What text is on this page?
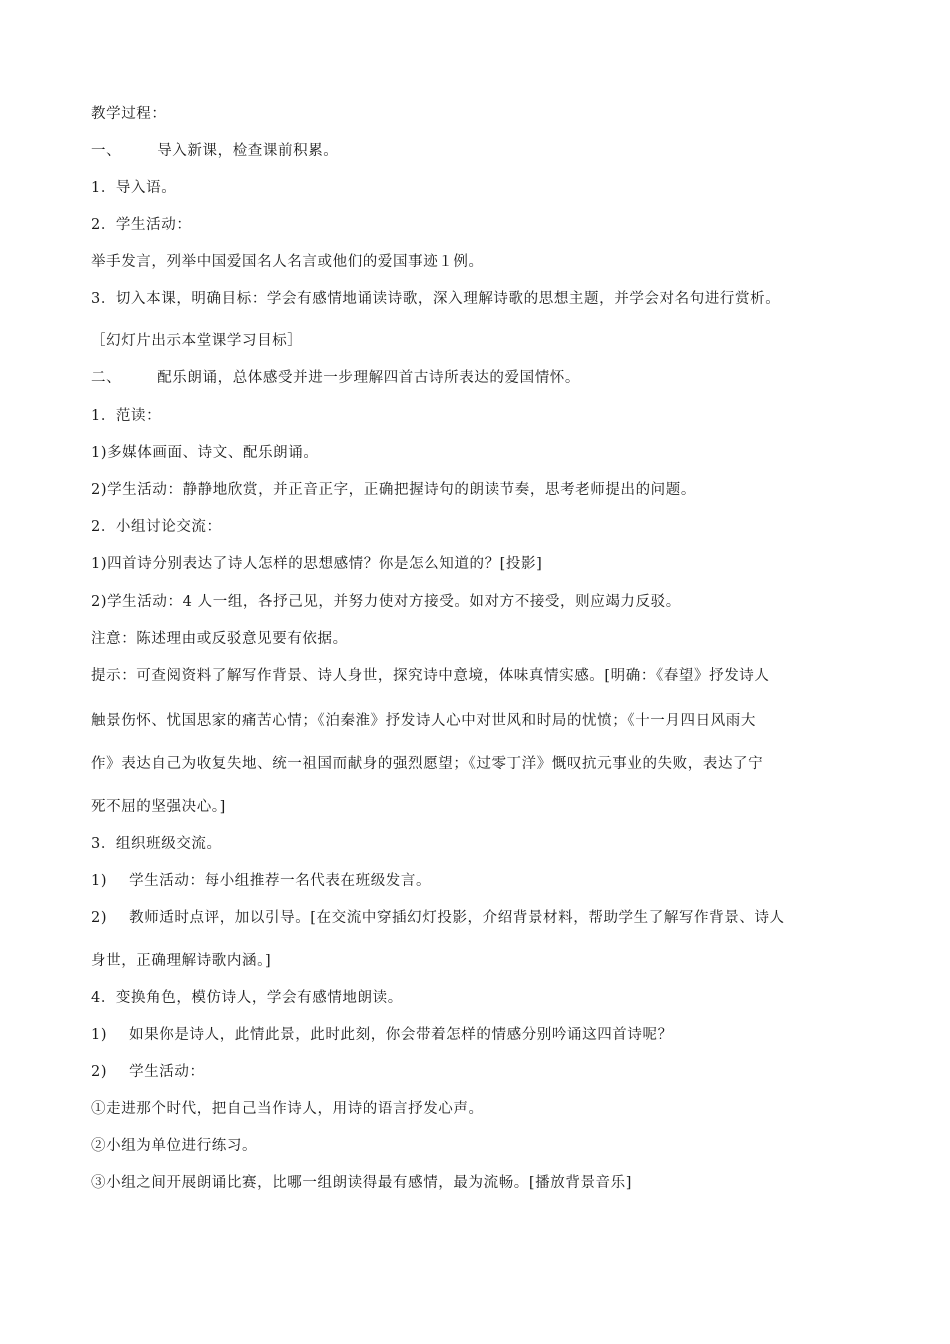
教学过程：
一、 导入新课，检查课前积累。
1．导入语。
2．学生活动：
举手发言，列举中国爱国名人名言或他们的爱国事迹１例。
3．切入本课，明确目标：学会有感情地诵读诗歌，深入理解诗歌的思想主题，并学会对名句进行赏析。
［幻灯片出示本堂课学习目标］
二、 配乐朗诵，总体感受并进一步理解四首古诗所表达的爱国情怀。
1．范读：
1)多媒体画面、诗文、配乐朗诵。
2)学生活动：静静地欣赏，并正音正字，正确把握诗句的朗读节奏，思考老师提出的问题。
2．小组讨论交流：
1)四首诗分别表达了诗人怎样的思想感情？你是怎么知道的？[投影]
2)学生活动：4 人一组，各抒己见，并努力使对方接受。如对方不接受，则应竭力反驳。
注意：陈述理由或反驳意见要有依据。
提示：可查阅资料了解写作背景、诗人身世，探究诗中意境，体味真情实感。[明确：《春望》抒发诗人
触景伤怀、忧国思家的痛苦心情；《泊秦淮》抒发诗人心中对世风和时局的忧愤；《十一月四日风雨大
作》表达自己为收复失地、统一祖国而献身的强烈愿望；《过零丁洋》慨叹抗元事业的失败，表达了宁
死不屈的坚强决心。]
3．组织班级交流。
1) 学生活动：每小组推荐一名代表在班级发言。
2) 教师适时点评，加以引导。[在交流中穿插幻灯投影，介绍背景材料，帮助学生了解写作背景、诗人
身世，正确理解诗歌内涵。]
4．变换角色，模仿诗人，学会有感情地朗读。
1) 如果你是诗人，此情此景，此时此刻，你会带着怎样的情感分别吟诵这四首诗呢？
2) 学生活动：
①走进那个时代，把自己当作诗人，用诗的语言抒发心声。
②小组为单位进行练习。
③小组之间开展朗诵比赛，比哪一组朗读得最有感情，最为流畅。[播放背景音乐]
